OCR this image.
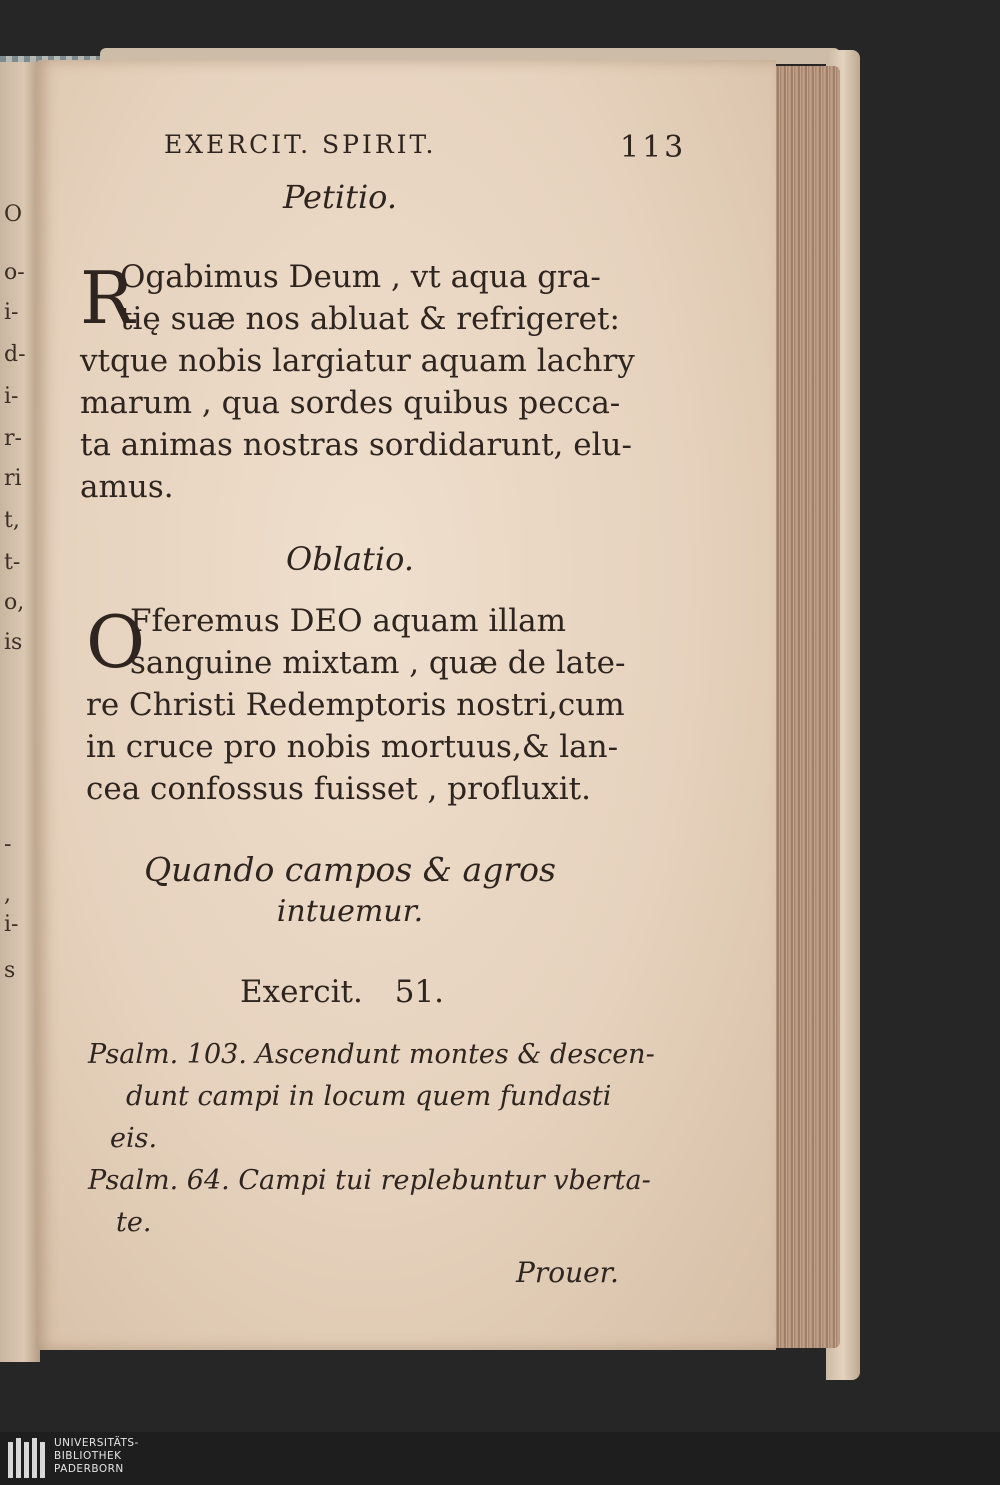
O
o-
i-
d-
i-
r-
ri
t,
t-
o,
is
-
,
i-
s
EXERCIT. SPIRIT.	113
Petitio.
R
Ogabimus Deum , vt aqua gra-
tię suæ nos abluat & refrigeret:
vtque nobis largiatur aquam lachry
marum , qua sordes quibus pecca-
ta animas nostras sordidarunt, elu-
amus.
Oblatio.
O
Fferemus DEO aquam illam
sanguine mixtam , quæ de late-
re Christi Redemptoris nostri,cum
in cruce pro nobis mortuus,& lan-
cea confossus fuisset , profluxit.
Quando campos & agros
intuemur.
Exercit. 51.
Psalm. 103. Ascendunt montes & descen-
dunt campi in locum quem fundasti
eis.
Psalm. 64. Campi tui replebuntur vberta-
te.
Prouer.
UNIVERSITÄTS-
BIBLIOTHEK
PADERBORN
